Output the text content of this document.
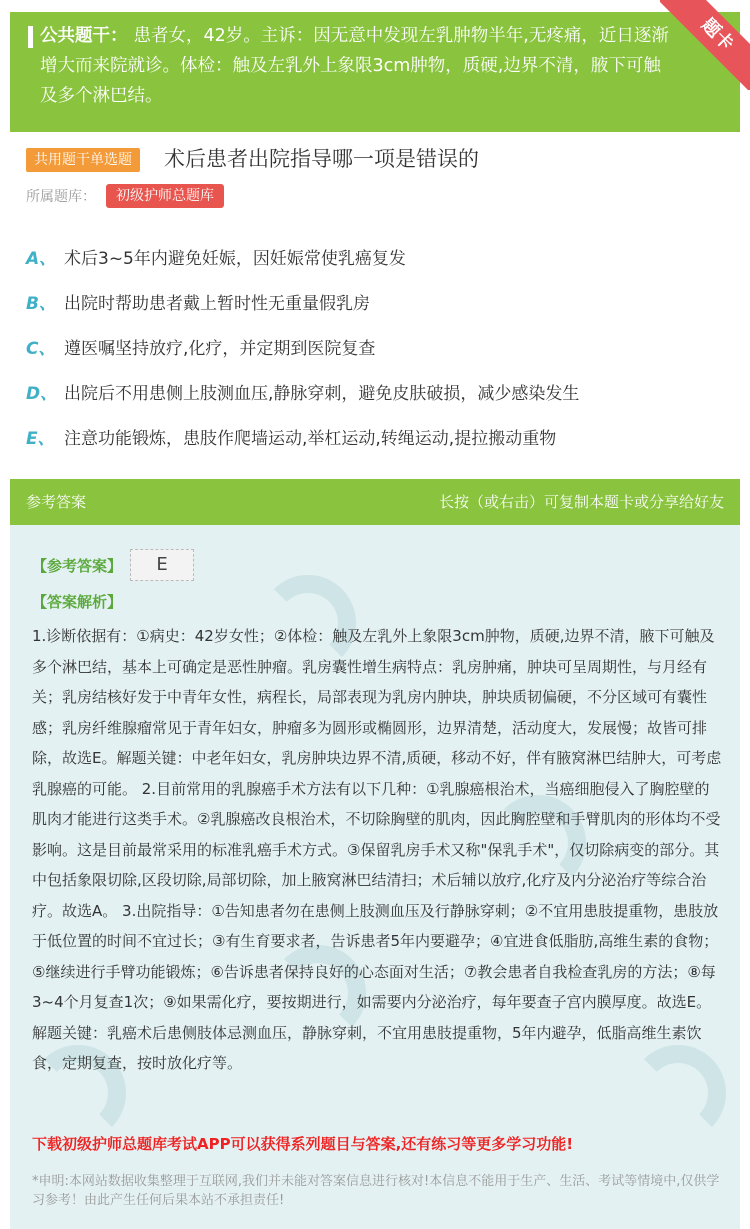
公共题干： 患者女，42岁。主诉：因无意中发现左乳肿物半年,无疼痛，近日逐渐增大而来院就诊。体检：触及左乳外上象限3cm肿物，质硬,边界不清，腋下可触及多个淋巴结。
题卡
共用题干单选题	术后患者出院指导哪一项是错误的
所属题库：	初级护师总题库
A、 术后3~5年内避免妊娠，因妊娠常使乳癌复发
B、 出院时帮助患者戴上暂时性无重量假乳房
C、 遵医嘱坚持放疗,化疗，并定期到医院复查
D、 出院后不用患侧上肢测血压,静脉穿刺，避免皮肤破损，减少感染发生
E、 注意功能锻炼，患肢作爬墙运动,举杠运动,转绳运动,提拉搬动重物
参考答案	长按（或右击）可复制本题卡或分享给好友
【参考答案】	E
【答案解析】
1.诊断依据有：①病史：42岁女性；②体检：触及左乳外上象限3cm肿物，质硬,边界不清，腋下可触及多个淋巴结，基本上可确定是恶性肿瘤。乳房囊性增生病特点：乳房肿痛，肿块可呈周期性，与月经有关；乳房结核好发于中青年女性，病程长，局部表现为乳房内肿块，肿块质韧偏硬，不分区域可有囊性感；乳房纤维腺瘤常见于青年妇女，肿瘤多为圆形或椭圆形，边界清楚，活动度大，发展慢；故皆可排除，故选E。解题关键：中老年妇女，乳房肿块边界不清,质硬，移动不好，伴有腋窝淋巴结肿大，可考虑乳腺癌的可能。 2.目前常用的乳腺癌手术方法有以下几种：①乳腺癌根治术，当癌细胞侵入了胸腔壁的肌肉才能进行这类手术。②乳腺癌改良根治术，不切除胸壁的肌肉，因此胸腔壁和手臂肌肉的形体均不受影响。这是目前最常采用的标准乳癌手术方式。③保留乳房手术又称"保乳手术"，仅切除病变的部分。其中包括象限切除,区段切除,局部切除，加上腋窝淋巴结清扫；术后辅以放疗,化疗及内分泌治疗等综合治疗。故选A。 3.出院指导：①告知患者勿在患侧上肢测血压及行静脉穿刺；②不宜用患肢提重物，患肢放于低位置的时间不宜过长；③有生育要求者，告诉患者5年内要避孕；④宜进食低脂肪,高维生素的食物；⑤继续进行手臂功能锻炼；⑥告诉患者保持良好的心态面对生活；⑦教会患者自我检查乳房的方法；⑧每3~4个月复查1次；⑨如果需化疗，要按期进行，如需要内分泌治疗，每年要查子宫内膜厚度。故选E。解题关键：乳癌术后患侧肢体忌测血压，静脉穿刺，不宜用患肢提重物，5年内避孕，低脂高维生素饮食，定期复查，按时放化疗等。
下载初级护师总题库考试APP可以获得系列题目与答案,还有练习等更多学习功能!
*申明:本网站数据收集整理于互联网,我们并未能对答案信息进行核对!本信息不能用于生产、生活、考试等情境中,仅供学习参考！由此产生任何后果本站不承担责任!
